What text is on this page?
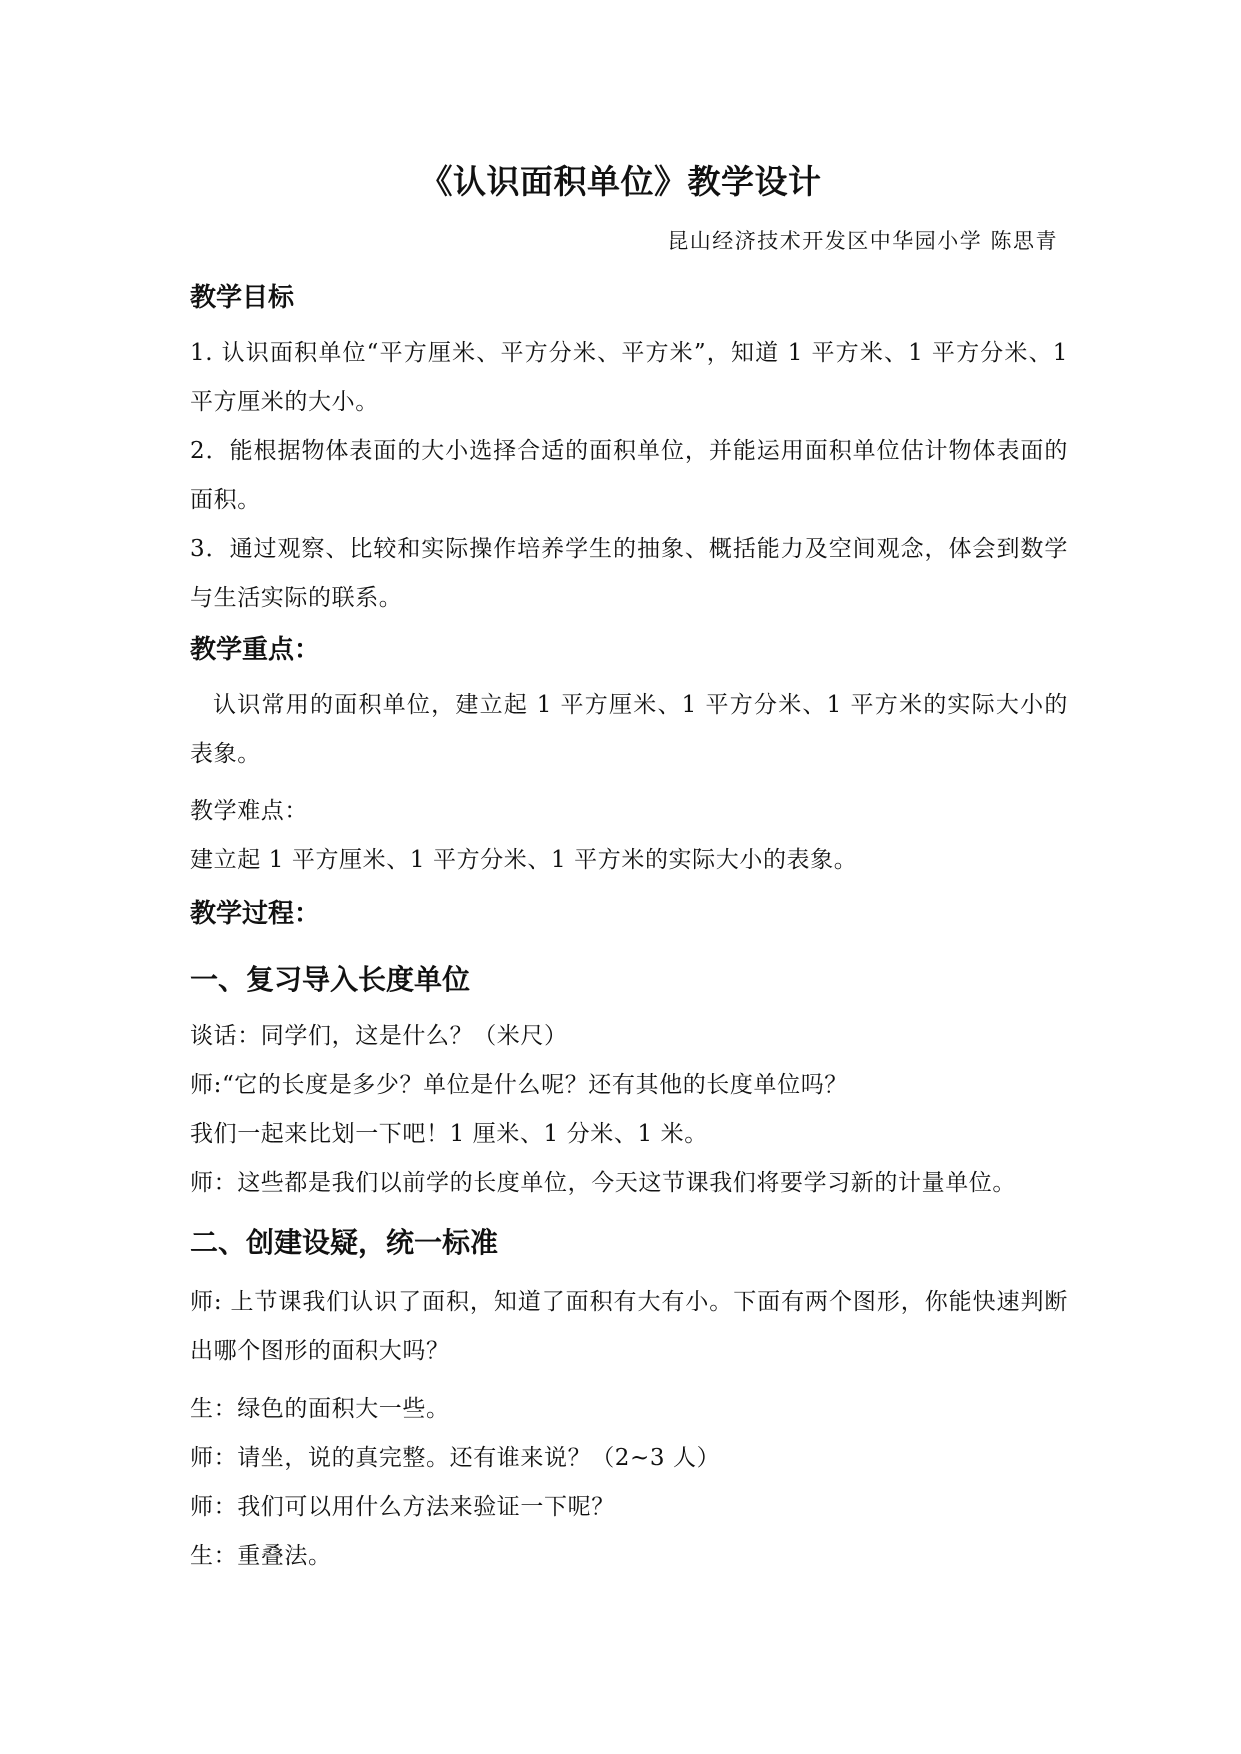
《认识面积单位》教学设计
昆山经济技术开发区中华园小学 陈思青
教学目标

1. 认识面积单位“平方厘米、平方分米、平方米”，知道 1 平方米、1 平方分米、1 平方厘米的大小。

2．能根据物体表面的大小选择合适的面积单位，并能运用面积单位估计物体表面的面积。

3．通过观察、比较和实际操作培养学生的抽象、概括能力及空间观念，体会到数学与生活实际的联系。

教学重点：

认识常用的面积单位，建立起 1 平方厘米、1 平方分米、1 平方米的实际大小的表象。

教学难点：
建立起 1 平方厘米、1 平方分米、1 平方米的实际大小的表象。
教学过程：
一、复习导入长度单位
谈话：同学们，这是什么？（米尺）
师:“它的长度是多少？单位是什么呢？还有其他的长度单位吗？
我们一起来比划一下吧！1 厘米、1 分米、1 米。
师：这些都是我们以前学的长度单位，今天这节课我们将要学习新的计量单位。
二、创建设疑，统一标准

师: 上节课我们认识了面积，知道了面积有大有小。下面有两个图形，你能快速判断出哪个图形的面积大吗？

生：绿色的面积大一些。
师：请坐，说的真完整。还有谁来说？（2~3 人）
师：我们可以用什么方法来验证一下呢？
生：重叠法。
